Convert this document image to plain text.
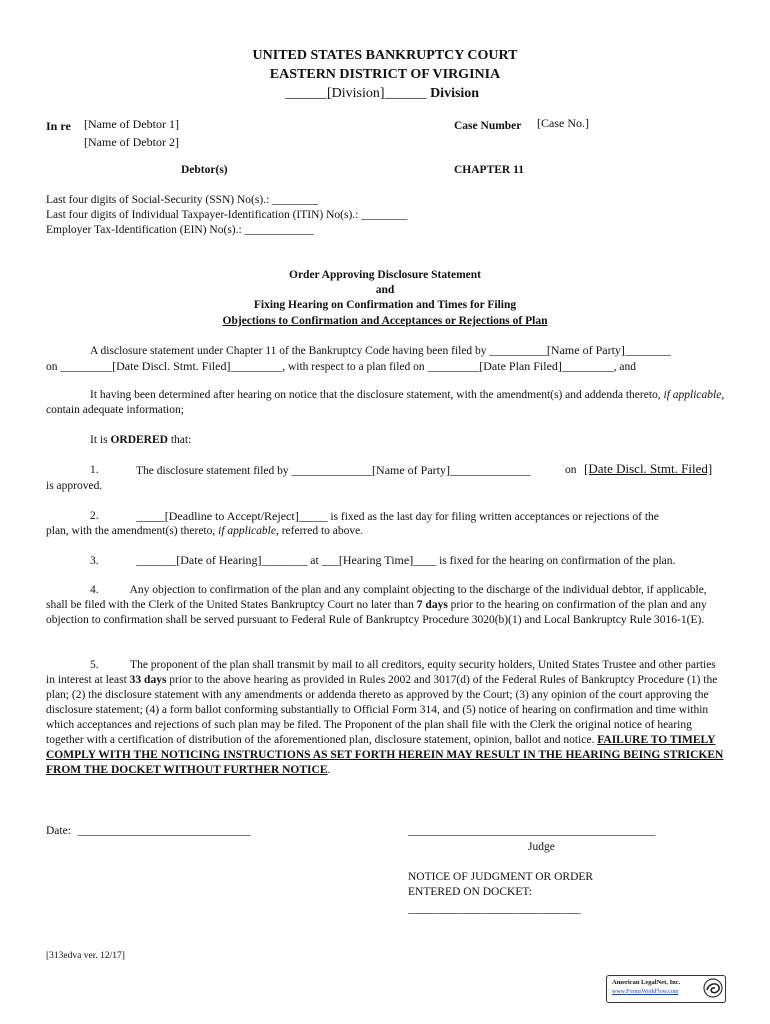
UNITED STATES BANKRUPTCY COURT
EASTERN DISTRICT OF VIRGINIA
______[Division]______ Division
In re [Name of Debtor 1]
[Name of Debtor 2]
Debtor(s)
Case Number [Case No.]
CHAPTER 11
Last four digits of Social-Security (SSN) No(s).: ________
Last four digits of Individual Taxpayer-Identification (ITIN) No(s).: ________
Employer Tax-Identification (EIN) No(s).: ____________
Order Approving Disclosure Statement
and
Fixing Hearing on Confirmation and Times for Filing
Objections to Confirmation and Acceptances or Rejections of Plan
A disclosure statement under Chapter 11 of the Bankruptcy Code having been filed by __________[Name of Party]________
on _________[Date Discl. Stmt. Filed]_________, with respect to a plan filed on _________[Date Plan Filed]_________, and
It having been determined after hearing on notice that the disclosure statement, with the amendment(s) and addenda thereto, if applicable, contain adequate information;
It is ORDERED that:
1.	The disclosure statement filed by ______________[Name of Party]______________	on [Date Discl. Stmt. Filed]
is approved.
2.	_____[Deadline to Accept/Reject]_____ is fixed as the last day for filing written acceptances or rejections of the
plan, with the amendment(s) thereto, if applicable, referred to above.
3.	_______[Date of Hearing]________ at ___[Hearing Time]____ is fixed for the hearing on confirmation of the plan.
4.	Any objection to confirmation of the plan and any complaint objecting to the discharge of the individual debtor, if applicable, shall be filed with the Clerk of the United States Bankruptcy Court no later than 7 days prior to the hearing on confirmation of the plan and any objection to confirmation shall be served pursuant to Federal Rule of Bankruptcy Procedure 3020(b)(1) and Local Bankruptcy Rule 3016-1(E).
5.	The proponent of the plan shall transmit by mail to all creditors, equity security holders, United States Trustee and other parties in interest at least 33 days prior to the above hearing as provided in Rules 2002 and 3017(d) of the Federal Rules of Bankruptcy Procedure (1) the plan; (2) the disclosure statement with any amendments or addenda thereto as approved by the Court; (3) any opinion of the court approving the disclosure statement; (4) a form ballot conforming substantially to Official Form 314, and (5) notice of hearing on confirmation and time within which acceptances and rejections of such plan may be filed. The Proponent of the plan shall file with the Clerk the original notice of hearing together with a certification of distribution of the aforementioned plan, disclosure statement, opinion, ballot and notice. FAILURE TO TIMELY COMPLY WITH THE NOTICING INSTRUCTIONS AS SET FORTH HEREIN MAY RESULT IN THE HEARING BEING STRICKEN FROM THE DOCKET WITHOUT FURTHER NOTICE.
Date: ______________________________	___________________________________________
Judge
NOTICE OF JUDGMENT OR ORDER
ENTERED ON DOCKET:
______________________________
[313edva ver. 12/17]
American LegalNet, Inc.
www.FormsWorkFlow.com
